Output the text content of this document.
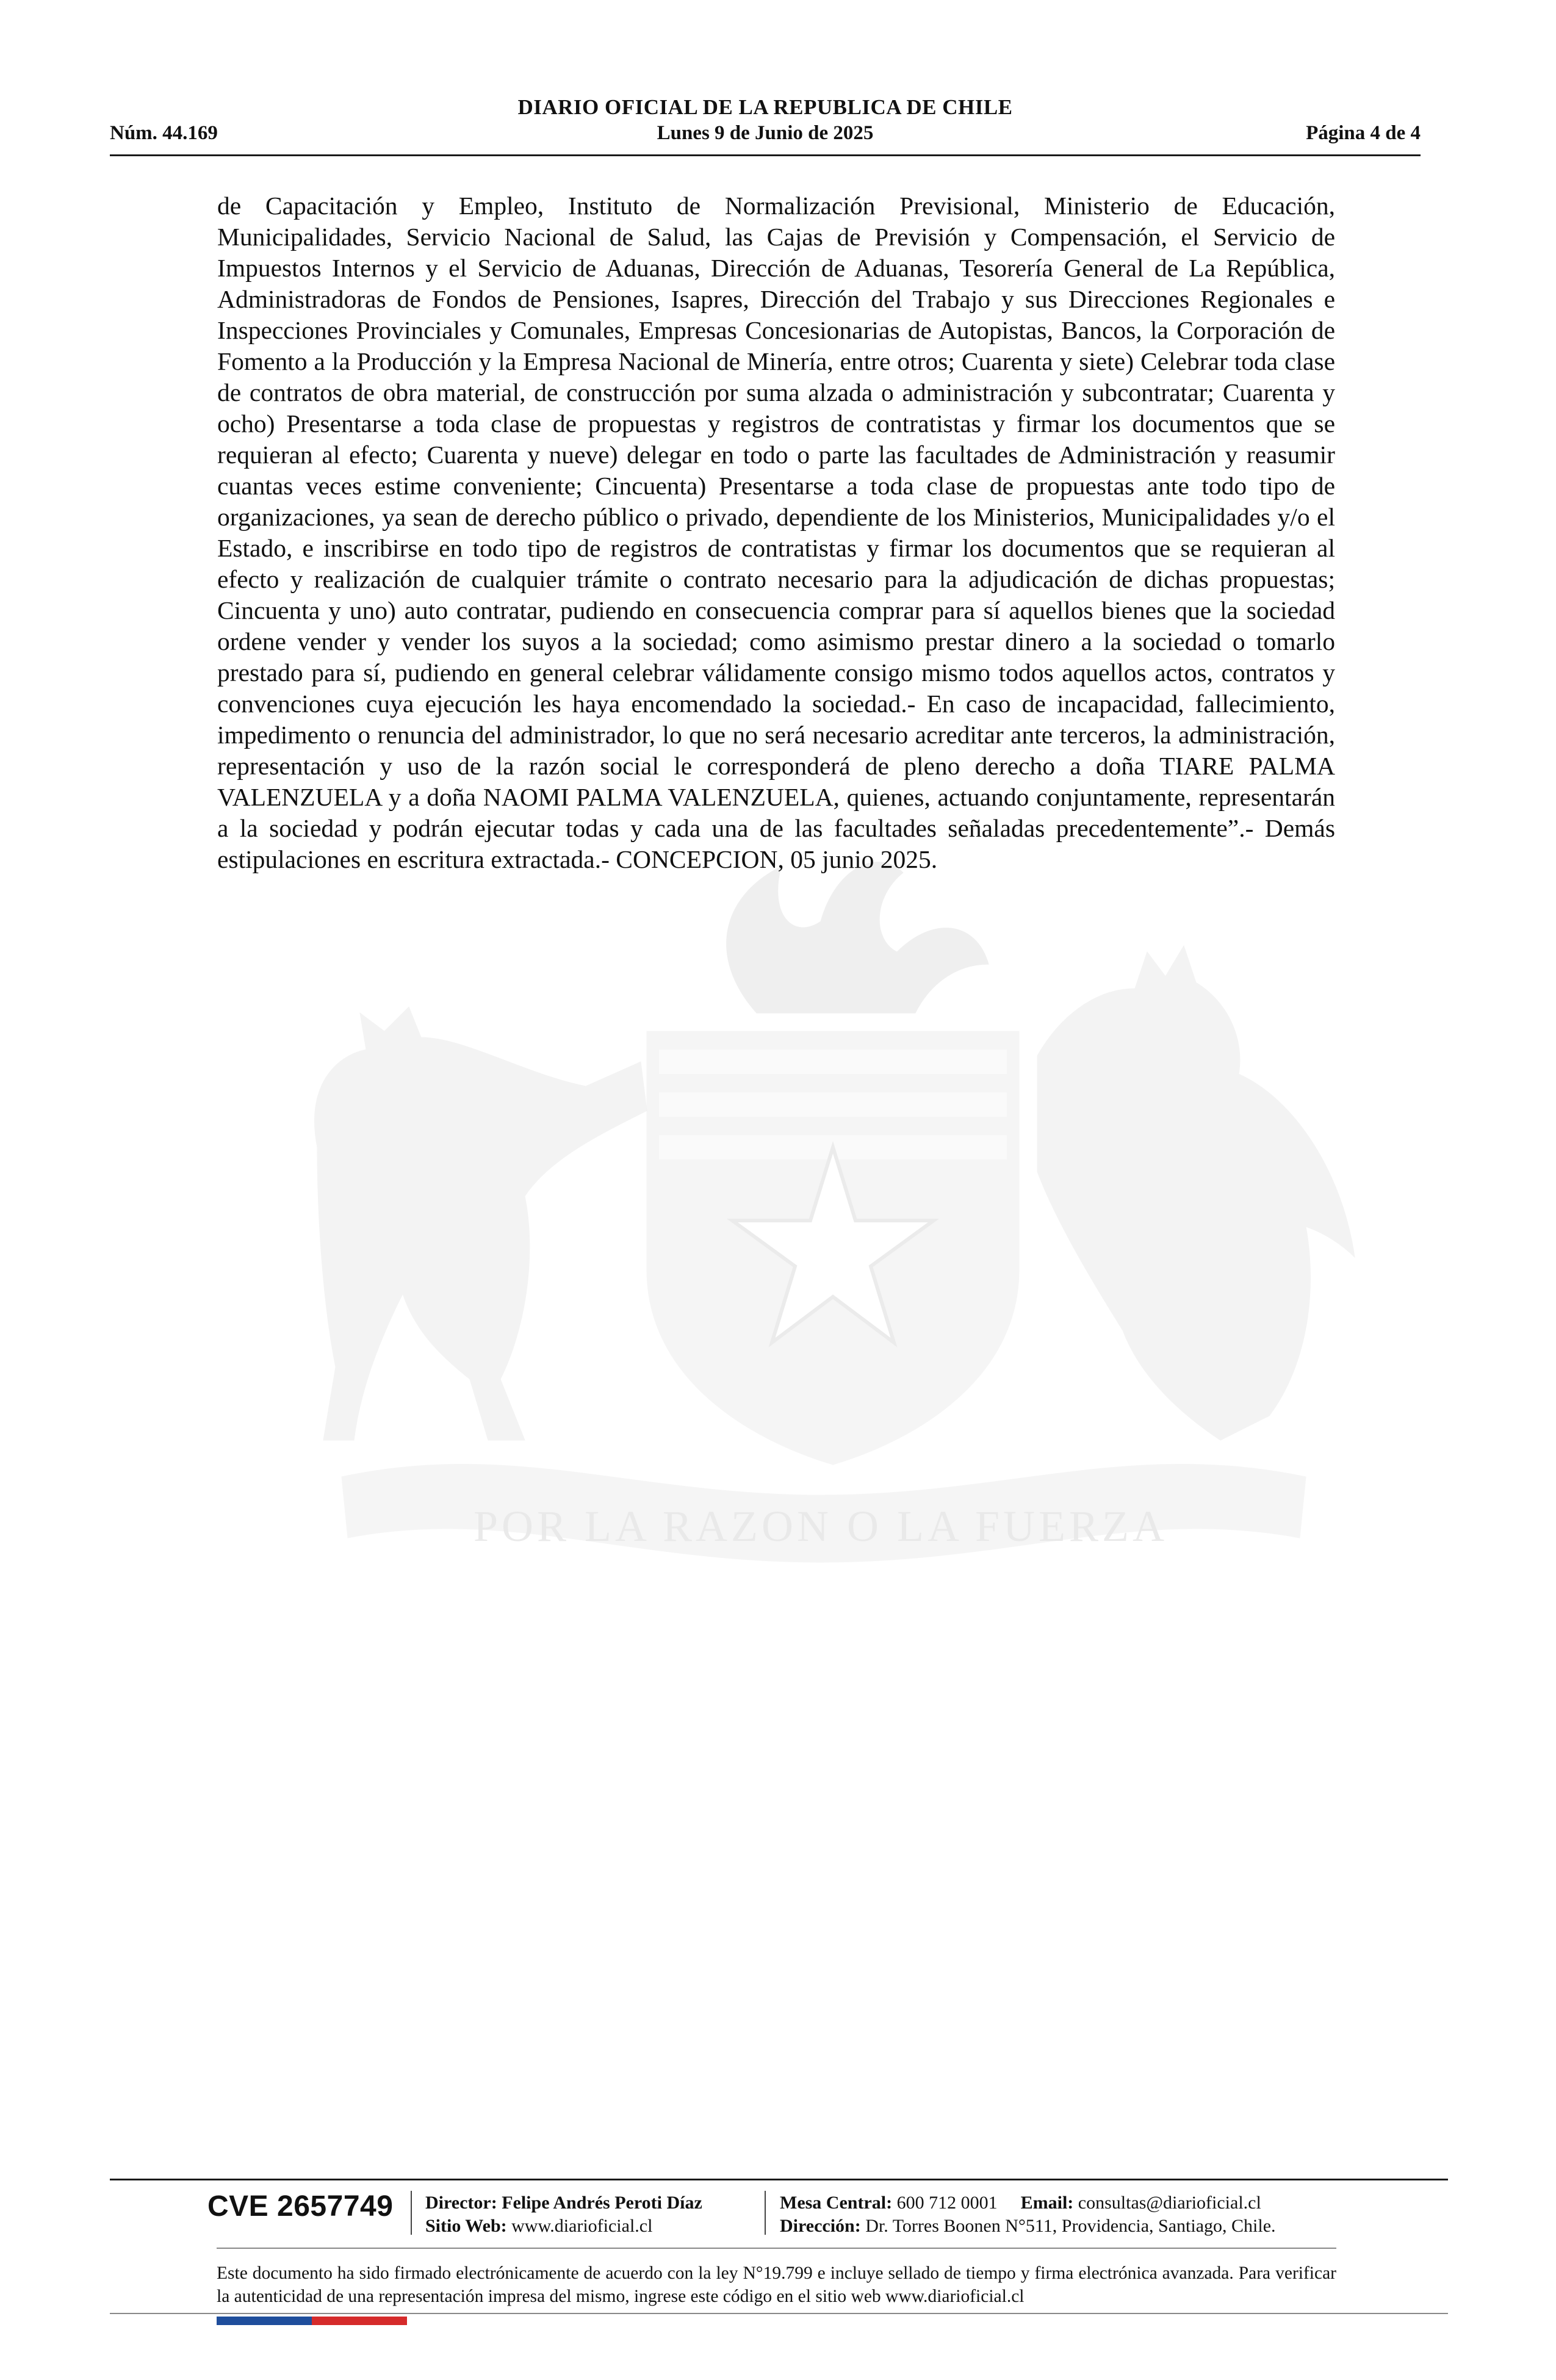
DIARIO OFICIAL DE LA REPUBLICA DE CHILE
Núm. 44.169	Lunes 9 de Junio de 2025	Página 4 de 4
POR LA RAZON O LA FUERZA

de Capacitación y Empleo, Instituto de Normalización Previsional, Ministerio de Educación, Municipalidades, Servicio Nacional de Salud, las Cajas de Previsión y Compensación, el Servicio de Impuestos Internos y el Servicio de Aduanas, Dirección de Aduanas, Tesorería General de La República, Administradoras de Fondos de Pensiones, Isapres, Dirección del Trabajo y sus Direcciones Regionales e Inspecciones Provinciales y Comunales, Empresas Concesionarias de Autopistas, Bancos, la Corporación de Fomento a la Producción y la Empresa Nacional de Minería, entre otros; Cuarenta y siete) Celebrar toda clase de contratos de obra material, de construcción por suma alzada o administración y subcontratar; Cuarenta y ocho) Presentarse a toda clase de propuestas y registros de contratistas y firmar los documentos que se requieran al efecto; Cuarenta y nueve) delegar en todo o parte las facultades de Administración y reasumir cuantas veces estime conveniente; Cincuenta) Presentarse a toda clase de propuestas ante todo tipo de organizaciones, ya sean de derecho público o privado, dependiente de los Ministerios, Municipalidades y/o el Estado, e inscribirse en todo tipo de registros de contratistas y firmar los documentos que se requieran al efecto y realización de cualquier trámite o contrato necesario para la adjudicación de dichas propuestas; Cincuenta y uno) auto contratar, pudiendo en consecuencia comprar para sí aquellos bienes que la sociedad ordene vender y vender los suyos a la sociedad; como asimismo prestar dinero a la sociedad o tomarlo prestado para sí, pudiendo en general celebrar válidamente consigo mismo todos aquellos actos, contratos y convenciones cuya ejecución les haya encomendado la sociedad.- En caso de incapacidad, fallecimiento, impedimento o renuncia del administrador, lo que no será necesario acreditar ante terceros, la administración, representación y uso de la razón social le corresponderá de pleno derecho a doña TIARE PALMA VALENZUELA y a doña NAOMI PALMA VALENZUELA, quienes, actuando conjuntamente, representarán a la sociedad y podrán ejecutar todas y cada una de las facultades señaladas precedentemente”.- Demás estipulaciones en escritura extractada.- CONCEPCION, 05 junio 2025.

CVE 2657749 Director: Felipe Andrés Peroti Díaz
Sitio Web: www.diarioficial.cl
Mesa Central: 600 712 0001 Email: consultas@diarioficial.cl
Dirección: Dr. Torres Boonen N°511, Providencia, Santiago, Chile.

Este documento ha sido firmado electrónicamente de acuerdo con la ley N°19.799 e incluye sellado de tiempo y firma electrónica avanzada. Para verificar la autenticidad de una representación impresa del mismo, ingrese este código en el sitio web www.diarioficial.cl
